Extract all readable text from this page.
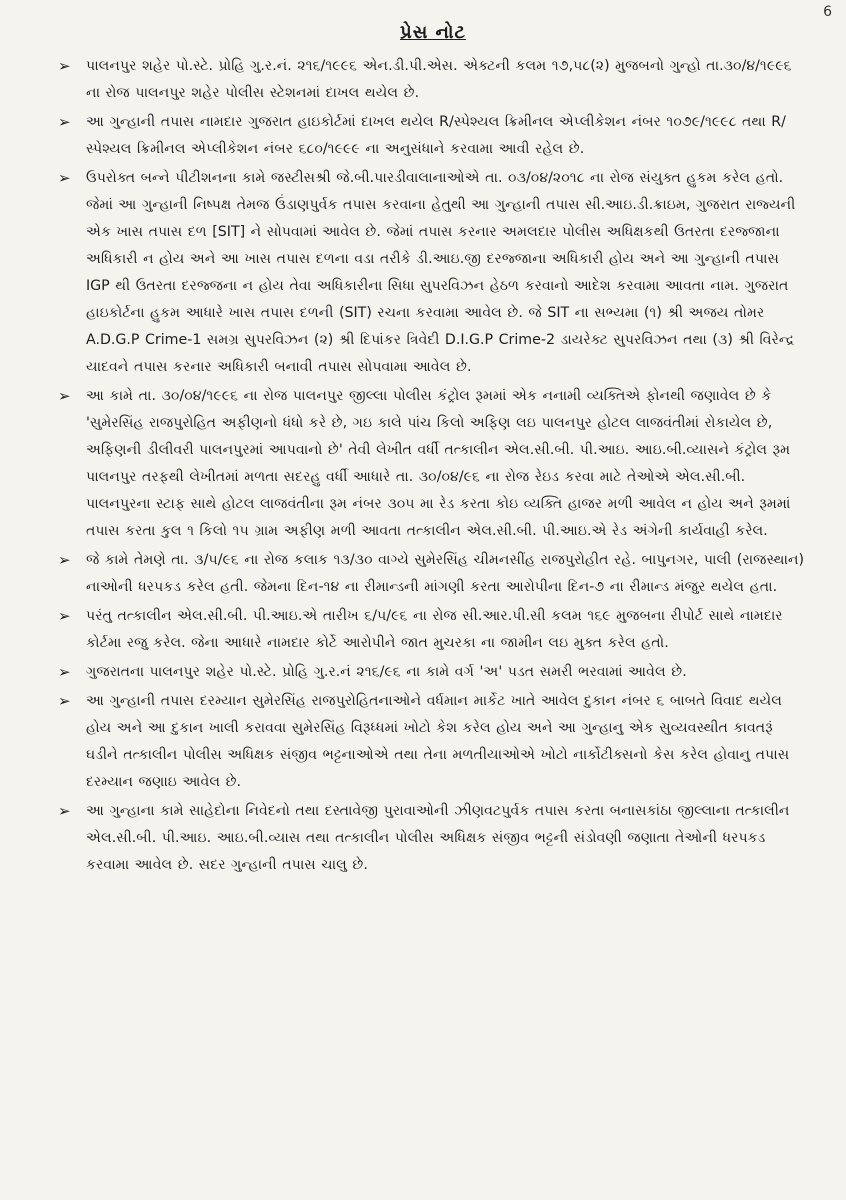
6
પ્રેસ નોટ
➢ પાલનપુર શહેર પો.સ્ટે. પ્રોહિ ગુ.ર.નં. ૨૧૬/૧૯૯૬ એન.ડી.પી.એસ. એક્ટની કલમ ૧૭,૫૮(૨) મુજબનો ગુન્હો તા.૩૦/૪/૧૯૯૬ ના રોજ પાલનપુર શહેર પોલીસ સ્ટેશનમાં દાખલ થયેલ છે.
➢ આ ગુન્હાની તપાસ નામદાર ગુજરાત હાઇકોર્ટમાં દાખલ થયેલ R/સ્પેશ્યલ ક્રિમીનલ એપ્લીકેશન નંબર ૧૦૭૯/૧૯૯૮ તથા R/સ્પેશ્યલ ક્રિમીનલ એપ્લીકેશન નંબર ૬૮૦/૧૯૯૯ ના અનુસંધાને કરવામા આવી રહેલ છે.
➢ ઉપરોક્ત બન્ને પીટીશનના કામે જસ્ટીસશ્રી જે.બી.પારડીવાલાનાઓએ તા. ૦૩/૦૪/૨૦૧૮ ના રોજ સંયુક્ત હુકમ કરેલ હતો. જેમાં આ ગુન્હાની નિષ્પક્ષ તેમજ ઉંડાણપુર્વક તપાસ કરવાના હેતુથી આ ગુન્હાની તપાસ સી.આઇ.ડી.ક્રાઇમ, ગુજરાત રાજ્યની એક ખાસ તપાસ દળ [SIT] ને સોપવામાં આવેલ છે. જેમાં તપાસ કરનાર અમલદાર પોલીસ અધિક્ષકથી ઉતરતા દરજ્જાના અધિકારી ન હોય અને આ ખાસ તપાસ દળના વડા તરીકે ડી.આઇ.જી દરજ્જાના અધિકારી હોય અને આ ગુન્હાની તપાસ IGP થી ઉતરતા દરજ્જના ન હોય તેવા અધિકારીના સિધા સુપરવિઝન હેઠળ કરવાનો આદેશ કરવામા આવતા નામ. ગુજરાત હાઇકોર્ટના હુકમ આધારે ખાસ તપાસ દળની (SIT) રચના કરવામા આવેલ છે. જે SIT ના સભ્યમા (૧) શ્રી અજય તોમર A.D.G.P Crime-1 સમગ્ર સુપરવિઝન (૨) શ્રી દિપાંકર ત્રિવેદી D.I.G.P Crime-2 ડાયરેક્ટ સુપરવિઝન તથા (૩) શ્રી વિરેન્દ્ર યાદવને તપાસ કરનાર અધિકારી બનાવી તપાસ સોપવામા આવેલ છે.
➢ આ કામે તા. ૩૦/૦૪/૧૯૯૬ ના રોજ પાલનપુર જીલ્લા પોલીસ કંટ્રોલ રૂમમાં એક નનામી વ્યક્તિએ ફોનથી જણાવેલ છે કે 'સુમેરસિંહ રાજપુરોહિત અફીણનો ધંધો કરે છે, ગઇ કાલે પાંચ કિલો અફિણ લઇ પાલનપુર હોટલ લાજવંતીમાં રોકાયેલ છે, અફિણની ડીલીવરી પાલનપુરમાં આપવાનો છે' તેવી લેખીત વર્ધી તત્કાલીન એલ.સી.બી. પી.આઇ. આઇ.બી.વ્યાસને કંટ્રોલ રૂમ પાલનપુર તરફથી લેખીતમાં મળતા સદરહુ વર્ધી આધારે તા. ૩૦/૦૪/૯૬ ના રોજ રેઇડ કરવા માટે તેઓએ એલ.સી.બી. પાલનપુરના સ્ટાફ સાથે હોટલ લાજવંતીના રૂમ નંબર ૩૦૫ મા રેડ કરતા કોઇ વ્યક્તિ હાજર મળી આવેલ ન હોય અને રૂમમાં તપાસ કરતા કુલ ૧ કિલો ૧૫ ગ્રામ અફીણ મળી આવતા તત્કાલીન એલ.સી.બી. પી.આઇ.એ રેડ અંગેની કાર્યવાહી કરેલ.
➢ જે કામે તેમણે તા. ૩/૫/૯૬ ના રોજ કલાક ૧૩/૩૦ વાગ્યે સુમેરસિંહ ચીમનસીંહ રાજપુરોહીત રહે. બાપુનગર, પાલી (રાજસ્થાન) નાઓની ધરપકડ કરેલ હતી. જેમના દિન-૧૪ ના રીમાન્ડની માંગણી કરતા આરોપીના દિન-૭ ના રીમાન્ડ મંજુર થયેલ હતા.
➢ પરંતુ તત્કાલીન એલ.સી.બી. પી.આઇ.એ તારીખ ૬/૫/૯૬ ના રોજ સી.આર.પી.સી કલમ ૧૬૯ મુજબના રીપોર્ટ સાથે નામદાર કોર્ટમા રજુ કરેલ. જેના આધારે નામદાર કોર્ટે આરોપીને જાત મુચરકા ના જામીન લઇ મુક્ત કરેલ હતો.
➢ ગુજરાતના પાલનપુર શહેર પો.સ્ટે. પ્રોહિ ગુ.ર.નં ૨૧૬/૯૬ ના કામે વર્ગ 'અ' પડત સમરી ભરવામાં આવેલ છે.
➢ આ ગુન્હાની તપાસ દરમ્યાન સુમેરસિંહ રાજપુરોહિતનાઓને વર્ધમાન માર્કેટ ખાતે આવેલ દુકાન નંબર ૬ બાબતે વિવાદ થયેલ હોય અને આ દુકાન ખાલી કરાવવા સુમેરસિંહ વિરૂધ્ધમાં ખોટો કેશ કરેલ હોય અને આ ગુન્હાનુ એક સુવ્યવસ્થીત કાવતરૂં ઘડીને તત્કાલીન પોલીસ અધિક્ષક સંજીવ ભટ્ટનાઓએ તથા તેના મળતીયાઓએ ખોટો નાર્કોટીક્સનો કેસ કરેલ હોવાનુ તપાસ દરમ્યાન જણાઇ આવેલ છે.
➢ આ ગુન્હાના કામે સાહેદોના નિવેદનો તથા દસ્તાવેજી પુરાવાઓની ઝીણવટપુર્વક તપાસ કરતા બનાસકાંઠા જીલ્લાના તત્કાલીન એલ.સી.બી. પી.આઇ. આઇ.બી.વ્યાસ તથા તત્કાલીન પોલીસ અધિક્ષક સંજીવ ભટ્ટની સંડોવણી જણાતા તેઓની ધરપકડ કરવામા આવેલ છે. સદર ગુન્હાની તપાસ ચાલુ છે.
